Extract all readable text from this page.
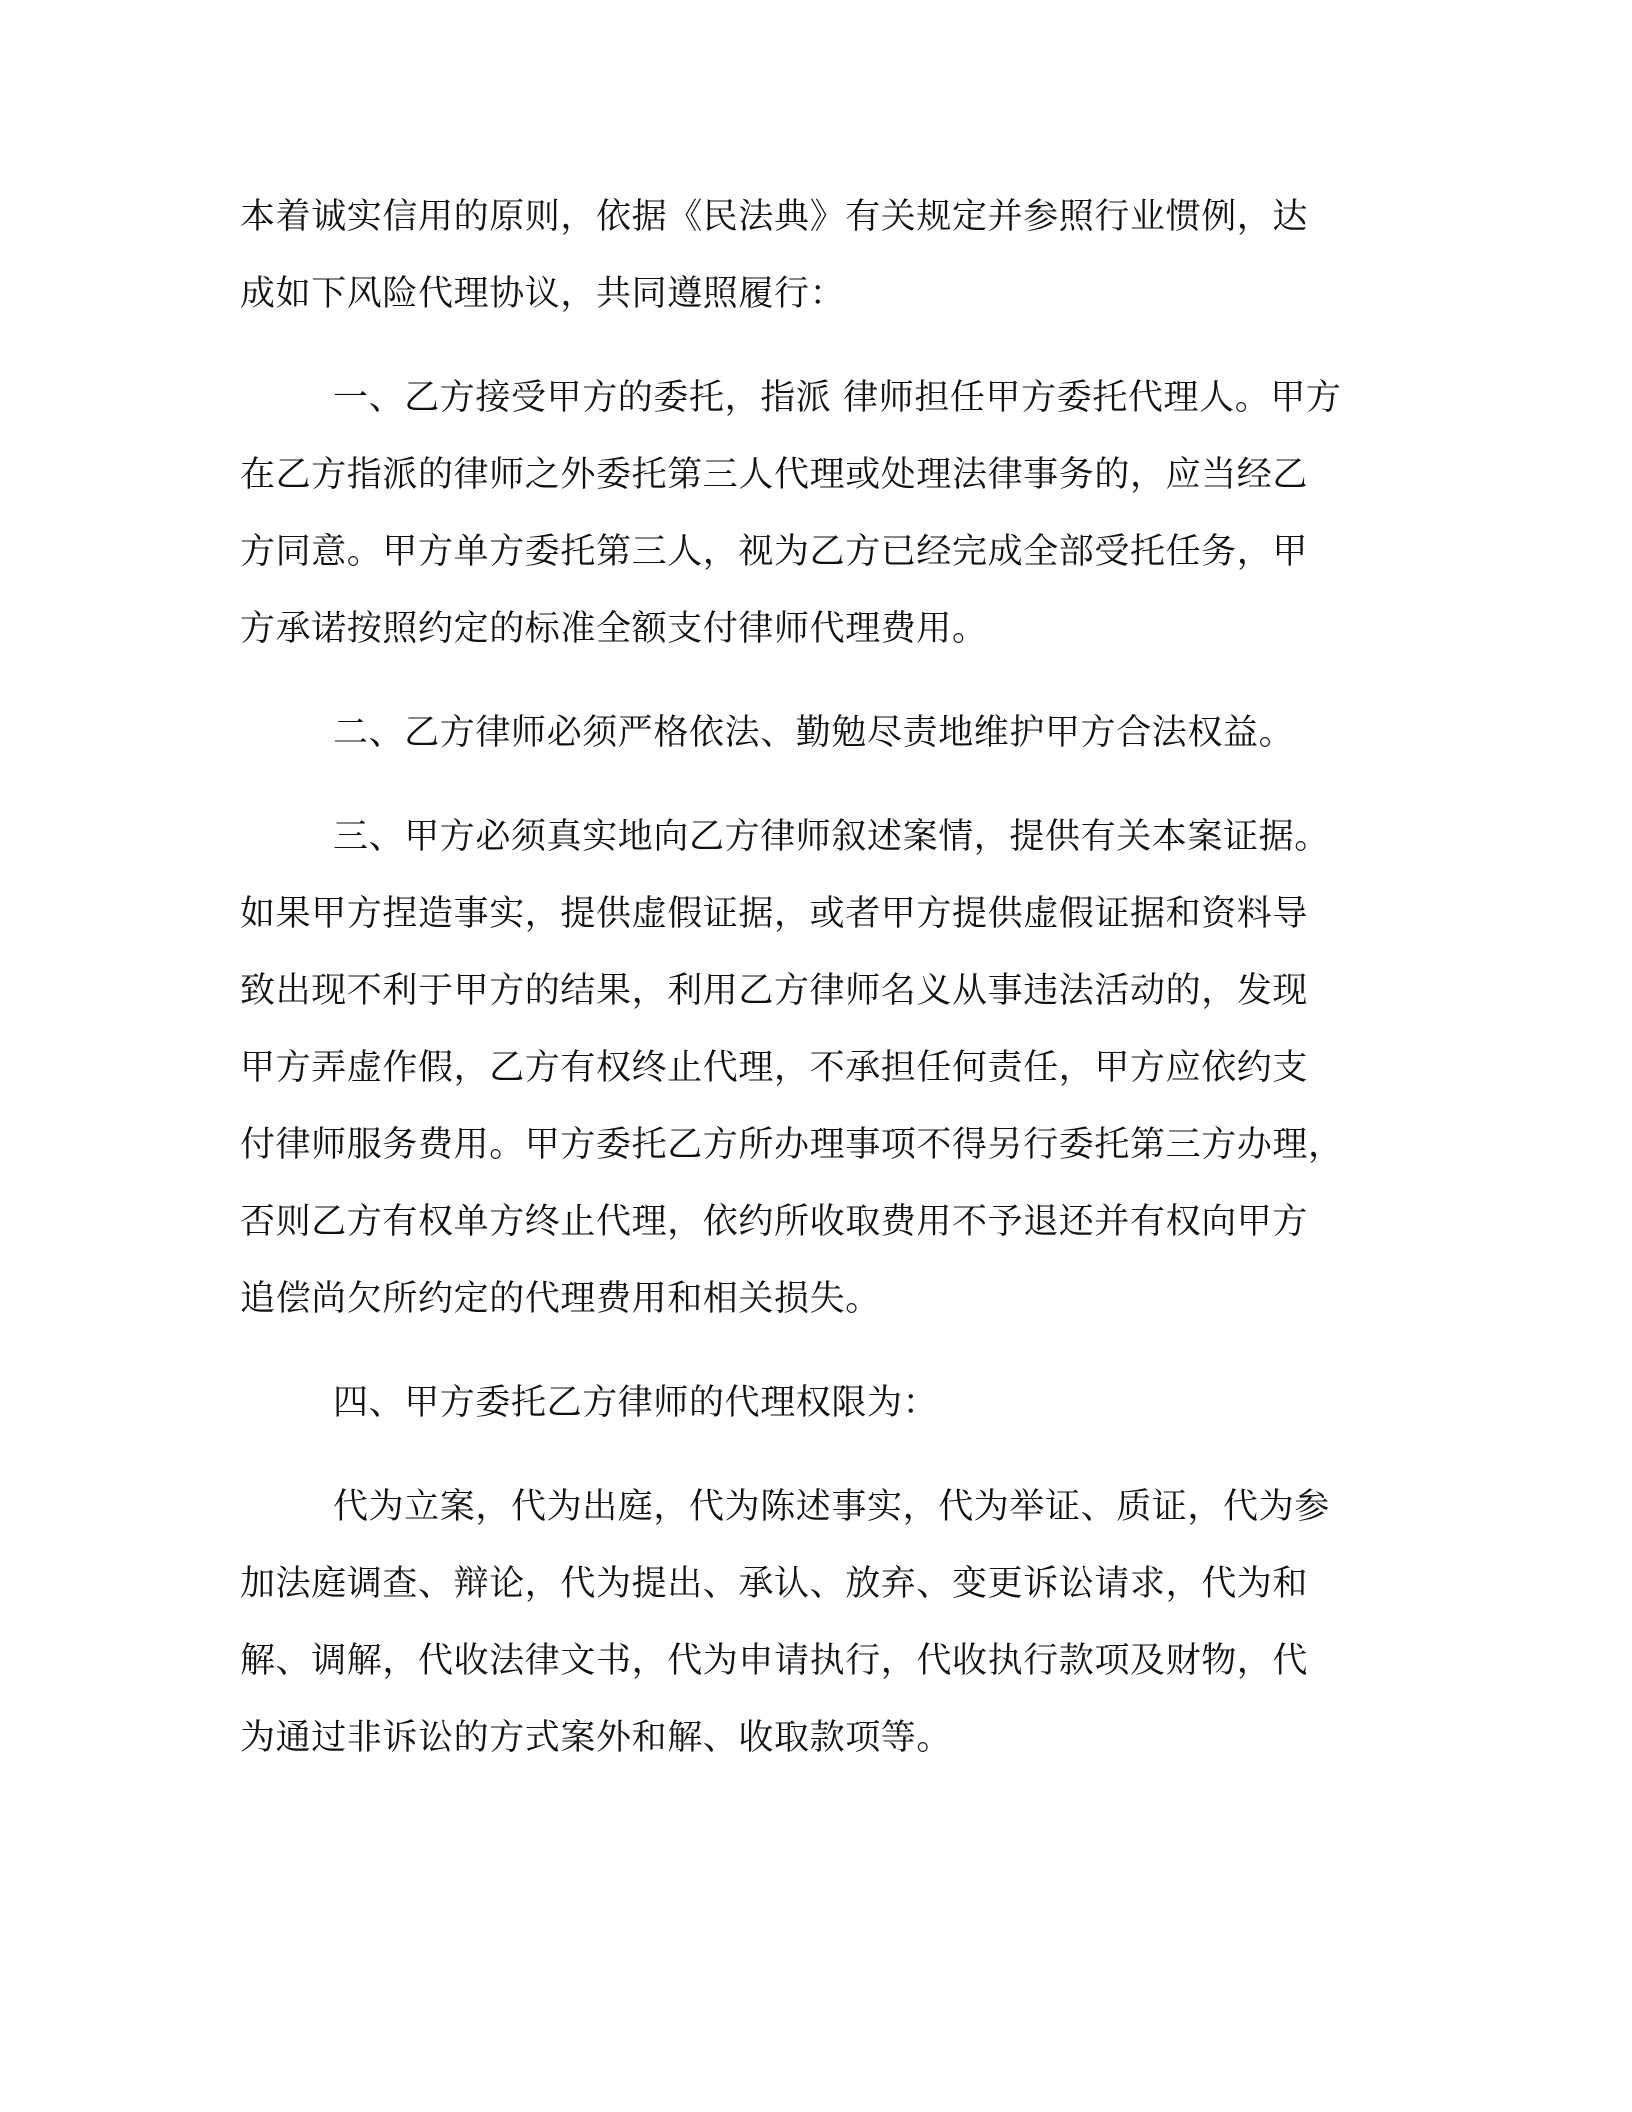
本着诚实信用的原则，依据《民法典》有关规定并参照行业惯例，达
成如下风险代理协议，共同遵照履行：
一、乙方接受甲方的委托，指派 律师担任甲方委托代理人。甲方
在乙方指派的律师之外委托第三人代理或处理法律事务的，应当经乙
方同意。甲方单方委托第三人，视为乙方已经完成全部受托任务，甲
方承诺按照约定的标准全额支付律师代理费用。
二、乙方律师必须严格依法、勤勉尽责地维护甲方合法权益。
三、甲方必须真实地向乙方律师叙述案情，提供有关本案证据。
如果甲方捏造事实，提供虚假证据，或者甲方提供虚假证据和资料导
致出现不利于甲方的结果，利用乙方律师名义从事违法活动的，发现
甲方弄虚作假，乙方有权终止代理，不承担任何责任，甲方应依约支
付律师服务费用。甲方委托乙方所办理事项不得另行委托第三方办理，
否则乙方有权单方终止代理，依约所收取费用不予退还并有权向甲方
追偿尚欠所约定的代理费用和相关损失。
四、甲方委托乙方律师的代理权限为：
代为立案，代为出庭，代为陈述事实，代为举证、质证，代为参
加法庭调查、辩论，代为提出、承认、放弃、变更诉讼请求，代为和
解、调解，代收法律文书，代为申请执行，代收执行款项及财物，代
为通过非诉讼的方式案外和解、收取款项等。
